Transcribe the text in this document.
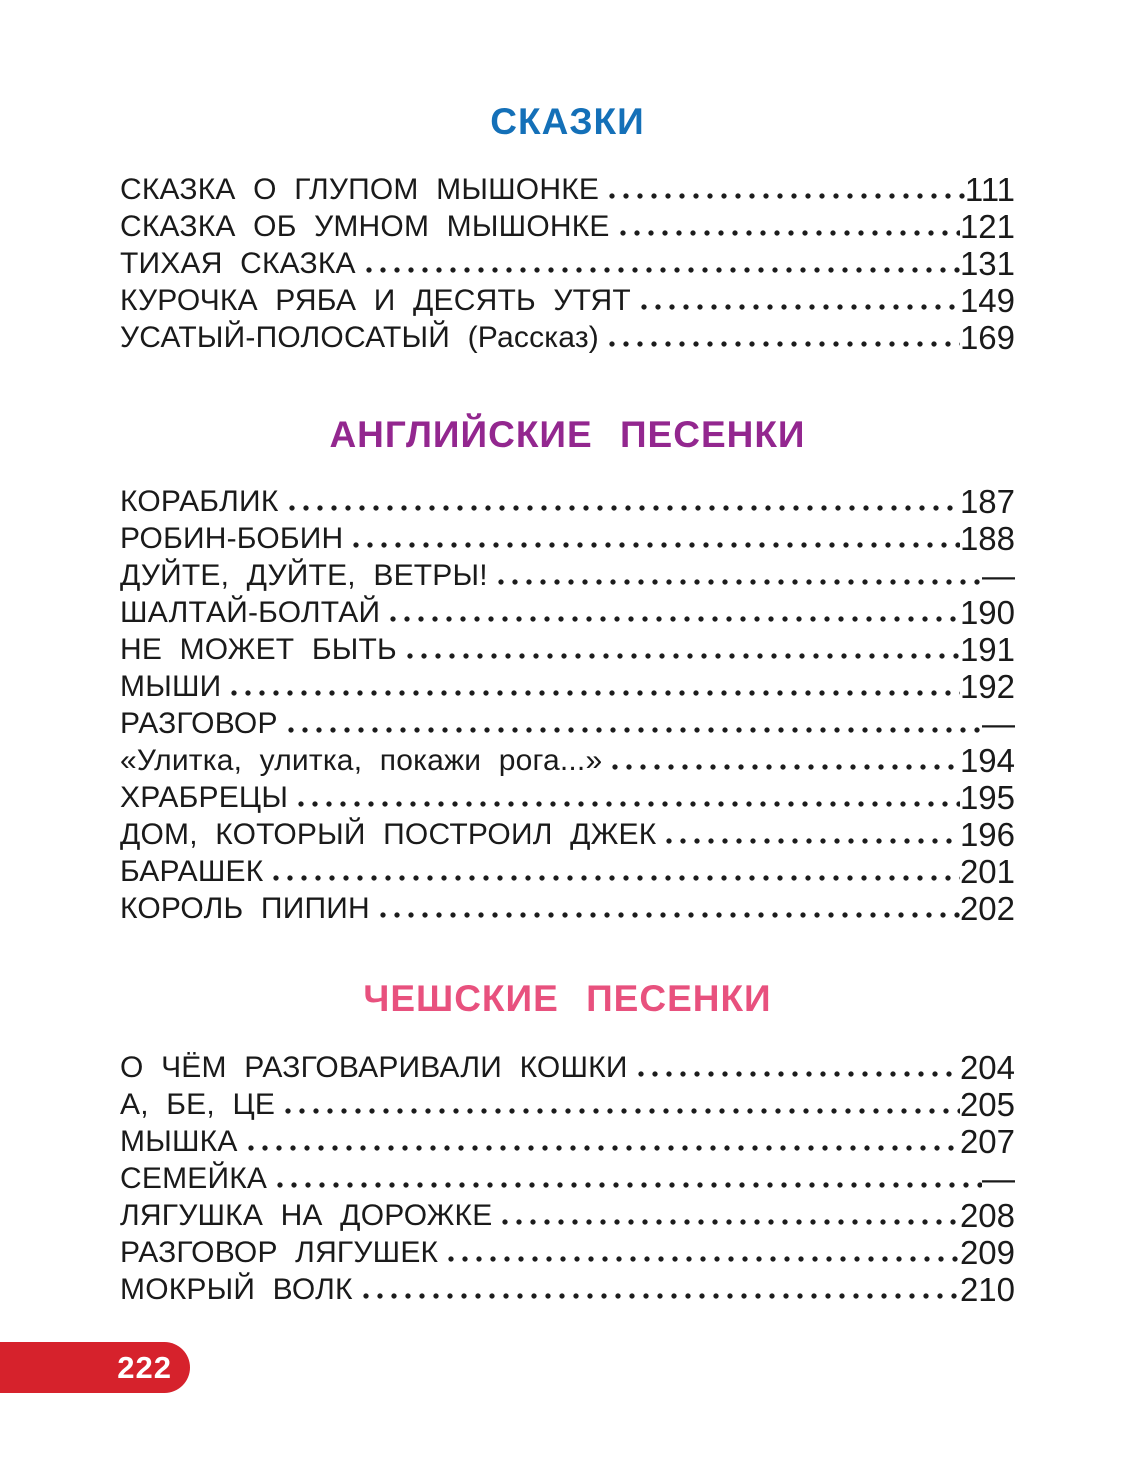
СКАЗКИ
СКАЗКА О ГЛУПОМ МЫШОНКЕ	111
СКАЗКА ОБ УМНОМ МЫШОНКЕ	121
ТИХАЯ СКАЗКА	131
КУРОЧКА РЯБА И ДЕСЯТЬ УТЯТ	149
УСАТЫЙ-ПОЛОСАТЫЙ (Рассказ)	169
АНГЛИЙСКИЕ ПЕСЕНКИ
КОРАБЛИК	187
РОБИН-БОБИН	188
ДУЙТЕ, ДУЙТЕ, ВЕТРЫ!	—
ШАЛТАЙ-БОЛТАЙ	190
НЕ МОЖЕТ БЫТЬ	191
МЫШИ	192
РАЗГОВОР	—
«Улитка, улитка, покажи рога...»	194
ХРАБРЕЦЫ	195
ДОМ, КОТОРЫЙ ПОСТРОИЛ ДЖЕК	196
БАРАШЕК	201
КОРОЛЬ ПИПИН	202
ЧЕШСКИЕ ПЕСЕНКИ
О ЧЁМ РАЗГОВАРИВАЛИ КОШКИ	204
А, БЕ, ЦЕ	205
МЫШКА	207
СЕМЕЙКА	—
ЛЯГУШКА НА ДОРОЖКЕ	208
РАЗГОВОР ЛЯГУШЕК	209
МОКРЫЙ ВОЛК	210
222
